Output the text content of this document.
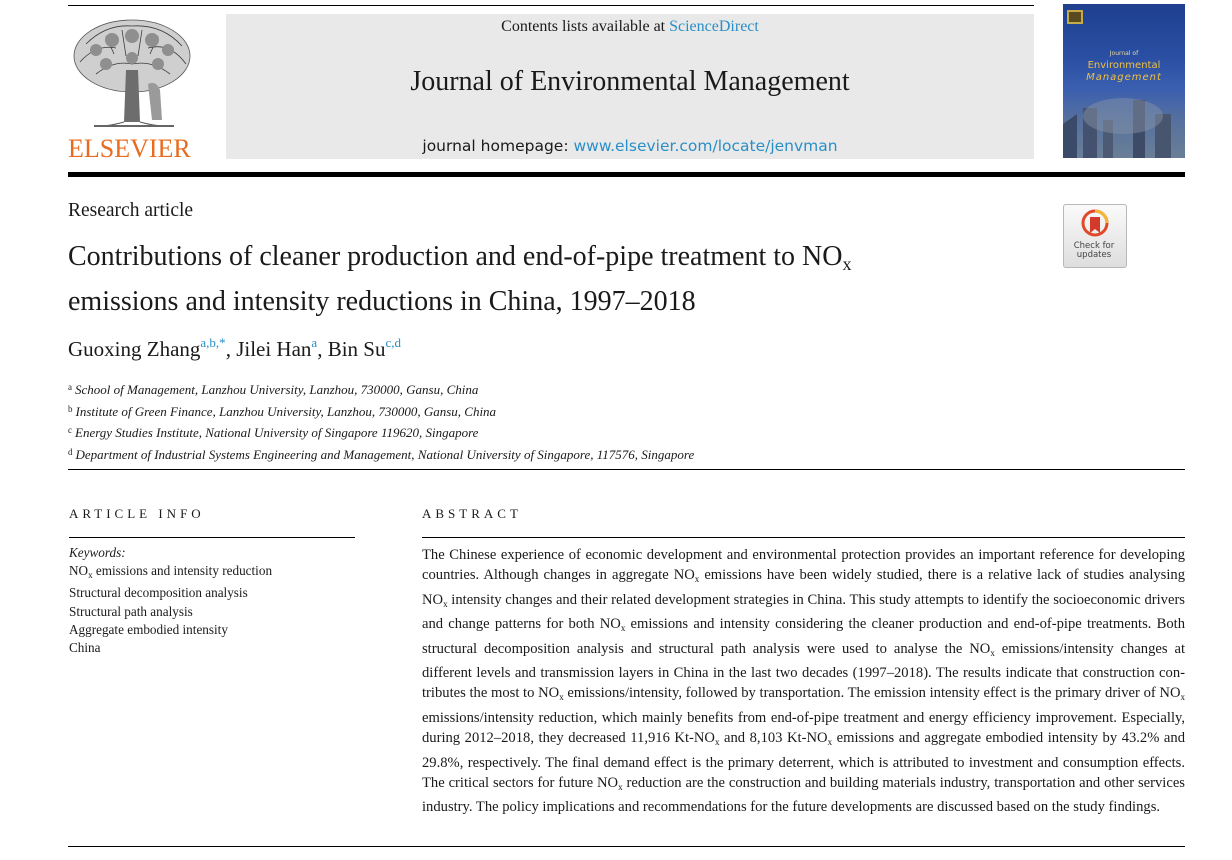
ELSEVIER
Contents lists available at ScienceDirect
Journal of Environmental Management
journal homepage: www.elsevier.com/locate/jenvman
Journal of
Environmental
Management
Research article
Contributions of cleaner production and end-of-pipe treatment to $NO_x$
emissions and intensity reductions in China, 1997–2018
Check for
updates
Guoxing Zhang$^{a,b,*}$, Jilei Han$^a$, Bin Su$^{c,d}$
$^a$ School of Management, Lanzhou University, Lanzhou, 730000, Gansu, China
$^b$ Institute of Green Finance, Lanzhou University, Lanzhou, 730000, Gansu, China
$^c$ Energy Studies Institute, National University of Singapore 119620, Singapore
$^d$ Department of Industrial Systems Engineering and Management, National University of Singapore, 117576, Singapore
ARTICLE INFO	ABSTRACT
Keywords:
$NO_x$ emissions and intensity reduction
Structural decomposition analysis
Structural path analysis
Aggregate embodied intensity
China
The Chinese experience of economic development and environmental protection provides an important reference for developing countries. Although changes in aggregate $NO_x$ emissions have been widely studied, there is a relative lack of studies analysing $NO_x$ intensity changes and their related development strategies in China. This study attempts to identify the socioeconomic drivers and change patterns for both $NO_x$ emissions and intensity considering the cleaner production and end-of-pipe treatments. Both structural decomposition analysis and structural path analysis were used to analyse the $NO_x$ emissions/intensity changes at different levels and transmission layers in China in the last two decades (1997–2018). The results indicate that construction contributes the most to $NO_x$ emissions/intensity, followed by transportation. The emission intensity effect is the primary driver of $NO_x$ emissions/intensity reduction, which mainly benefits from end-of-pipe treatment and energy efficiency improvement. Especially, during 2012–2018, they decreased 11,916 $Kt-NO_x$ and 8,103 $Kt-NO_x$ emissions and aggregate embodied intensity by 43.2% and 29.8%, respectively. The final demand effect is the primary deterrent, which is attributed to investment and consumption effects. The critical sectors for future $NO_x$ reduction are the construction and building materials industry, transportation and other services industry. The policy implications and recommendations for the future developments are discussed based on the study findings.
